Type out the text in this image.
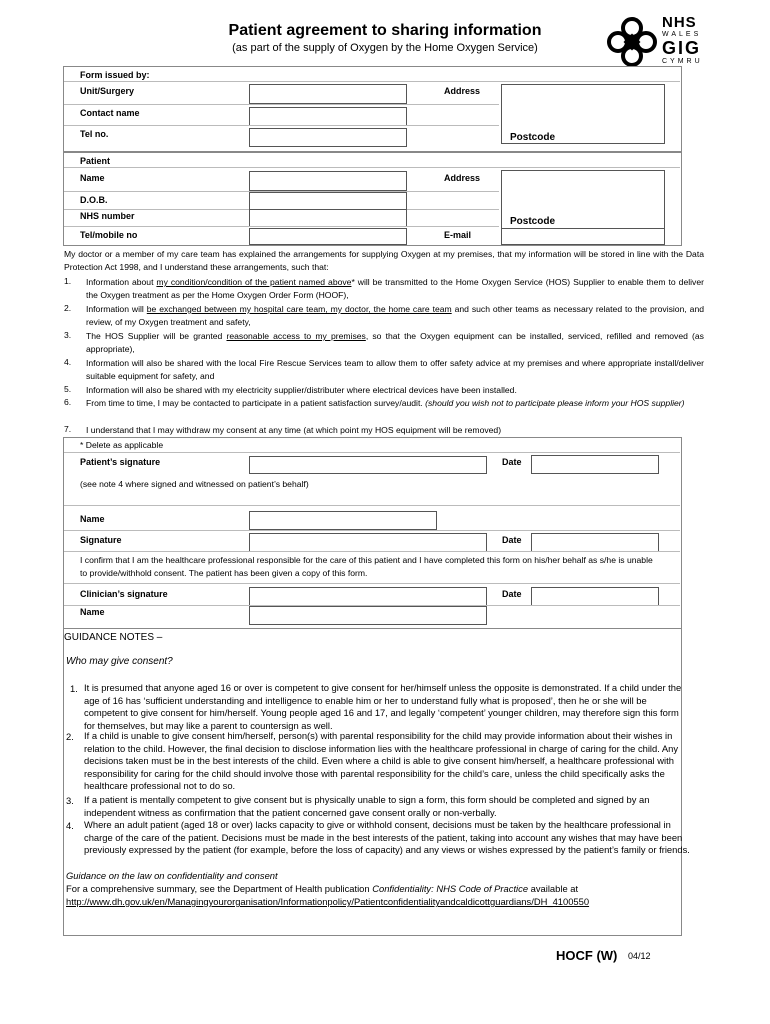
Patient agreement to sharing information
(as part of the supply of Oxygen by the Home Oxygen Service)
NHS
WALES
GIG
CYMRU
Form issued by:
Unit/Surgery	Address
Contact name
Tel no.	Postcode
Patient
Name	Address
D.O.B.
NHS number	Postcode
Tel/mobile no	E-mail
My doctor or a member of my care team has explained the arrangements for supplying Oxygen at my premises, that my information will be stored in line with the Data Protection Act 1998, and I understand these arrangements, such that:
1. Information about my condition/condition of the patient named above* will be transmitted to the Home Oxygen Service (HOS) Supplier to enable them to deliver the Oxygen treatment as per the Home Oxygen Order Form (HOOF),
2. Information will be exchanged between my hospital care team, my doctor, the home care team and such other teams as necessary related to the provision, and review, of my Oxygen treatment and safety,
3. The HOS Supplier will be granted reasonable access to my premises, so that the Oxygen equipment can be installed, serviced, refilled and removed (as appropriate),
4. Information will also be shared with the local Fire Rescue Services team to allow them to offer safety advice at my premises and where appropriate install/deliver suitable equipment for safety, and
5. Information will also be shared with my electricity supplier/distributer where electrical devices have been installed.
6. From time to time, I may be contacted to participate in a patient satisfaction survey/audit. (should you wish not to participate please inform your HOS supplier)
7. I understand that I may withdraw my consent at any time (at which point my HOS equipment will be removed)
* Delete as applicable
Patient’s signature	Date
(see note 4 where signed and witnessed on patient’s behalf)
Name
Signature	Date
I confirm that I am the healthcare professional responsible for the care of this patient and I have completed this form on his/her behalf as s/he is unable to provide/withhold consent. The patient has been given a copy of this form.
Clinician’s signature	Date
Name
GUIDANCE NOTES –
Who may give consent?
1. It is presumed that anyone aged 16 or over is competent to give consent for her/himself unless the opposite is demonstrated. If a child under the age of 16 has ‘sufficient understanding and intelligence to enable him or her to understand fully what is proposed’, then he or she will be competent to give consent for him/herself. Young people aged 16 and 17, and legally ‘competent’ younger children, may therefore sign this form for themselves, but may like a parent to countersign as well.
2. If a child is unable to give consent him/herself, person(s) with parental responsibility for the child may provide information about their wishes in relation to the child. However, the final decision to disclose information lies with the healthcare professional in charge of caring for the child. Any decisions taken must be in the best interests of the child. Even where a child is able to give consent him/herself, a healthcare professional with responsibility for caring for the child should involve those with parental responsibility for the child’s care, unless the child specifically asks the healthcare professional not to do so.
3. If a patient is mentally competent to give consent but is physically unable to sign a form, this form should be completed and signed by an independent witness as confirmation that the patient concerned gave consent orally or non-verbally.
4. Where an adult patient (aged 18 or over) lacks capacity to give or withhold consent, decisions must be taken by the healthcare professional in charge of the care of the patient. Decisions must be made in the best interests of the patient, taking into account any wishes that may have been previously expressed by the patient (for example, before the loss of capacity) and any views or wishes expressed by the patient’s family or friends.
Guidance on the law on confidentiality and consent
For a comprehensive summary, see the Department of Health publication Confidentiality: NHS Code of Practice available at
http://www.dh.gov.uk/en/Managingyourorganisation/Informationpolicy/Patientconfidentialityandcaldicottguardians/DH_4100550
HOCF (W) 04/12
